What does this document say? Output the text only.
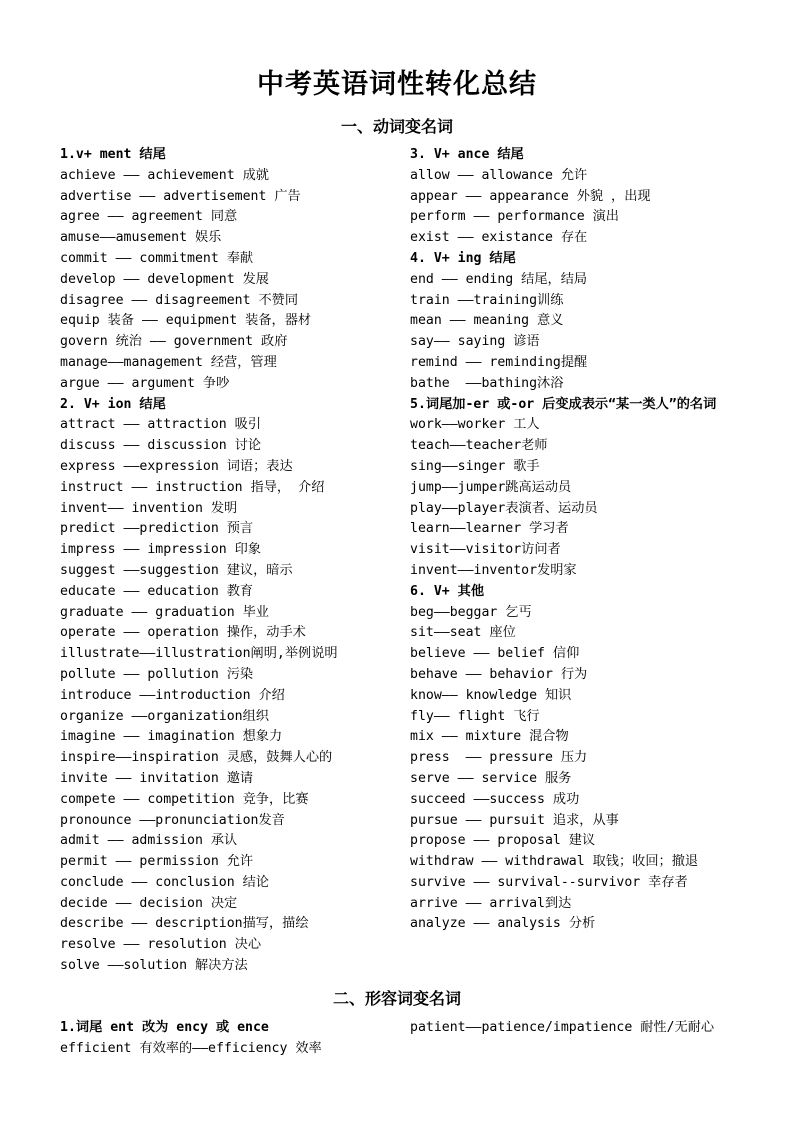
中考英语词性转化总结
一、动词变名词
1.v+ ment 结尾
achieve —— achievement 成就
advertise —— advertisement 广告
agree —— agreement 同意
amuse——amusement 娱乐
commit —— commitment 奉献
develop —— development 发展
disagree —— disagreement 不赞同
equip 装备 —— equipment 装备，器材
govern 统治 —— government 政府
manage——management 经营，管理
argue —— argument 争吵
2. V+ ion 结尾
attract —— attraction 吸引
discuss —— discussion 讨论
express ——expression 词语；表达
instruct —— instruction 指导， 介绍
invent—— invention 发明
predict ——prediction 预言
impress —— impression 印象
suggest ——suggestion 建议，暗示
educate —— education 教育
graduate —— graduation 毕业
operate —— operation 操作，动手术
illustrate——illustration阐明,举例说明
pollute —— pollution 污染
introduce ——introduction 介绍
organize ——organization组织
imagine —— imagination 想象力
inspire——inspiration 灵感，鼓舞人心的
invite —— invitation 邀请
compete —— competition 竞争，比赛
pronounce ——pronunciation发音
admit —— admission 承认
permit —— permission 允许
conclude —— conclusion 结论
decide —— decision 决定
describe —— description描写，描绘
resolve —— resolution 决心
solve ——solution 解决方法
3. V+ ance 结尾
allow —— allowance 允许
appear —— appearance 外貌 ，出现
perform —— performance 演出
exist —— existance 存在
4. V+ ing 结尾
end —— ending 结尾，结局
train ——training训练
mean —— meaning 意义
say—— saying 谚语
remind —— reminding提醒
bathe  ——bathing沐浴
5.词尾加-er 或-or 后变成表示“某一类人”的名词
work——worker 工人
teach——teacher老师
sing——singer 歌手
jump——jumper跳高运动员
play——player表演者、运动员
learn——learner 学习者
visit——visitor访问者
invent——inventor发明家
6. V+ 其他
beg——beggar 乞丐
sit——seat 座位
believe —— belief 信仰
behave —— behavior 行为
know—— knowledge 知识
fly—— flight 飞行
mix —— mixture 混合物
press  —— pressure 压力
serve —— service 服务
succeed ——success 成功
pursue —— pursuit 追求，从事
propose —— proposal 建议
withdraw —— withdrawal 取钱；收回；撤退
survive —— survival--survivor 幸存者
arrive —— arrival到达
analyze —— analysis 分析
二、形容词变名词
1.词尾 ent 改为 ency 或 ence
efficient 有效率的——efficiency 效率
patient——patience/impatience 耐性/无耐心
